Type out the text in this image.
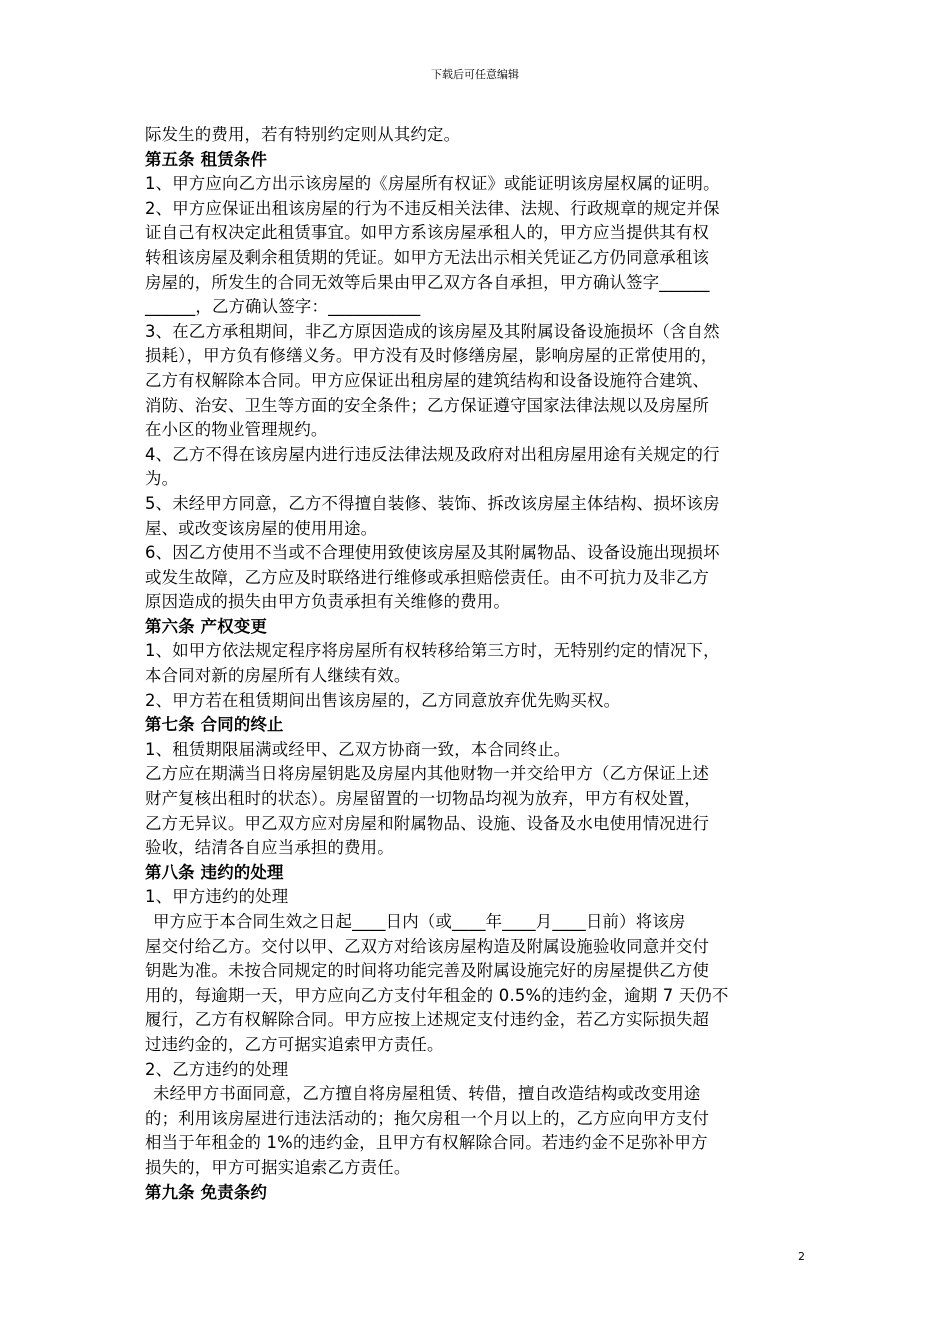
下载后可任意编辑

际发生的费用，若有特别约定则从其约定。

第五条 租赁条件

1、甲方应向乙方出示该房屋的《房屋所有权证》或能证明该房屋权属的证明。

2、甲方应保证出租该房屋的行为不违反相关法律、法规、行政规章的规定并保

证自己有权决定此租赁事宜。如甲方系该房屋承租人的，甲方应当提供其有权

转租该房屋及剩余租赁期的凭证。如甲方无法出示相关凭证乙方仍同意承租该

房屋的，所发生的合同无效等后果由甲乙双方各自承担，甲方确认签字______

______，乙方确认签字：___________

3、在乙方承租期间，非乙方原因造成的该房屋及其附属设备设施损坏（含自然

损耗），甲方负有修缮义务。甲方没有及时修缮房屋，影响房屋的正常使用的，

乙方有权解除本合同。甲方应保证出租房屋的建筑结构和设备设施符合建筑、

消防、治安、卫生等方面的安全条件；乙方保证遵守国家法律法规以及房屋所

在小区的物业管理规约。

4、乙方不得在该房屋内进行违反法律法规及政府对出租房屋用途有关规定的行

为。

5、未经甲方同意，乙方不得擅自装修、装饰、拆改该房屋主体结构、损坏该房

屋、或改变该房屋的使用用途。

6、因乙方使用不当或不合理使用致使该房屋及其附属物品、设备设施出现损坏

或发生故障，乙方应及时联络进行维修或承担赔偿责任。由不可抗力及非乙方

原因造成的损失由甲方负责承担有关维修的费用。

第六条 产权变更

1、如甲方依法规定程序将房屋所有权转移给第三方时，无特别约定的情况下，

本合同对新的房屋所有人继续有效。

2、甲方若在租赁期间出售该房屋的，乙方同意放弃优先购买权。

第七条 合同的终止

1、租赁期限届满或经甲、乙双方协商一致，本合同终止。

乙方应在期满当日将房屋钥匙及房屋内其他财物一并交给甲方（乙方保证上述

财产复核出租时的状态）。房屋留置的一切物品均视为放弃，甲方有权处置，

乙方无异议。甲乙双方应对房屋和附属物品、设施、设备及水电使用情况进行

验收，结清各自应当承担的费用。

第八条 违约的处理

1、甲方违约的处理

甲方应于本合同生效之日起____日内（或____年____月____日前）将该房

屋交付给乙方。交付以甲、乙双方对给该房屋构造及附属设施验收同意并交付

钥匙为准。未按合同规定的时间将功能完善及附属设施完好的房屋提供乙方使

用的，每逾期一天，甲方应向乙方支付年租金的 0.5%的违约金，逾期 7 天仍不

履行，乙方有权解除合同。甲方应按上述规定支付违约金，若乙方实际损失超

过违约金的，乙方可据实追索甲方责任。

2、乙方违约的处理

未经甲方书面同意，乙方擅自将房屋租赁、转借，擅自改造结构或改变用途

的；利用该房屋进行违法活动的；拖欠房租一个月以上的，乙方应向甲方支付

相当于年租金的 1%的违约金，且甲方有权解除合同。若违约金不足弥补甲方

损失的，甲方可据实追索乙方责任。

第九条 免责条约

2
